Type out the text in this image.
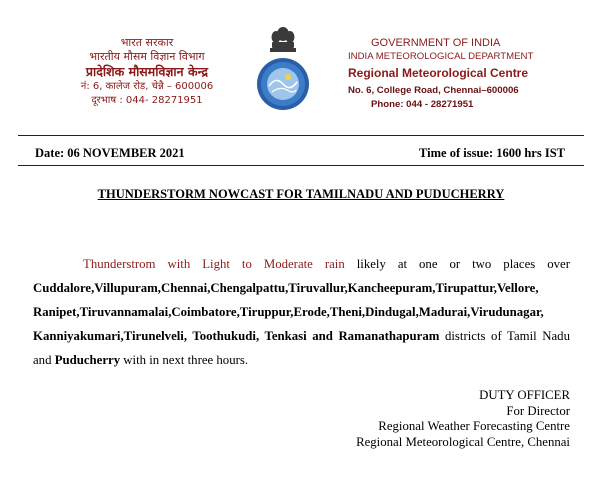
भारत सरकार
भारतीय मौसम विज्ञान विभाग
प्रादेशिक मौसमविज्ञान केन्द्र
नं: 6, कालेज रोड, चेन्नै – 600006
दूरभाष : 044- 28271951
GOVERNMENT OF INDIA
INDIA METEOROLOGICAL DEPARTMENT
Regional Meteorological Centre
No. 6, College Road, Chennai–600006
Phone: 044 - 28271951
Date: 06 NOVEMBER 2021	Time of issue: 1600 hrs IST
THUNDERSTORM NOWCAST FOR TAMILNADU AND PUDUCHERRY
Thunderstrom with Light to Moderate rain likely at one or two places over Cuddalore,Villupuram,Chennai,Chengalpattu,Tiruvallur,Kancheepuram,Tirupattur,Vellore, Ranipet,Tiruvannamalai,Coimbatore,Tiruppur,Erode,Theni,Dindugal,Madurai,Virudunagar, Kanniyakumari,Tirunelveli, Toothukudi, Tenkasi and Ramanathapuram districts of Tamil Nadu and Puducherry with in next three hours.
DUTY OFFICER
For Director
Regional Weather Forecasting Centre
Regional Meteorological Centre, Chennai
